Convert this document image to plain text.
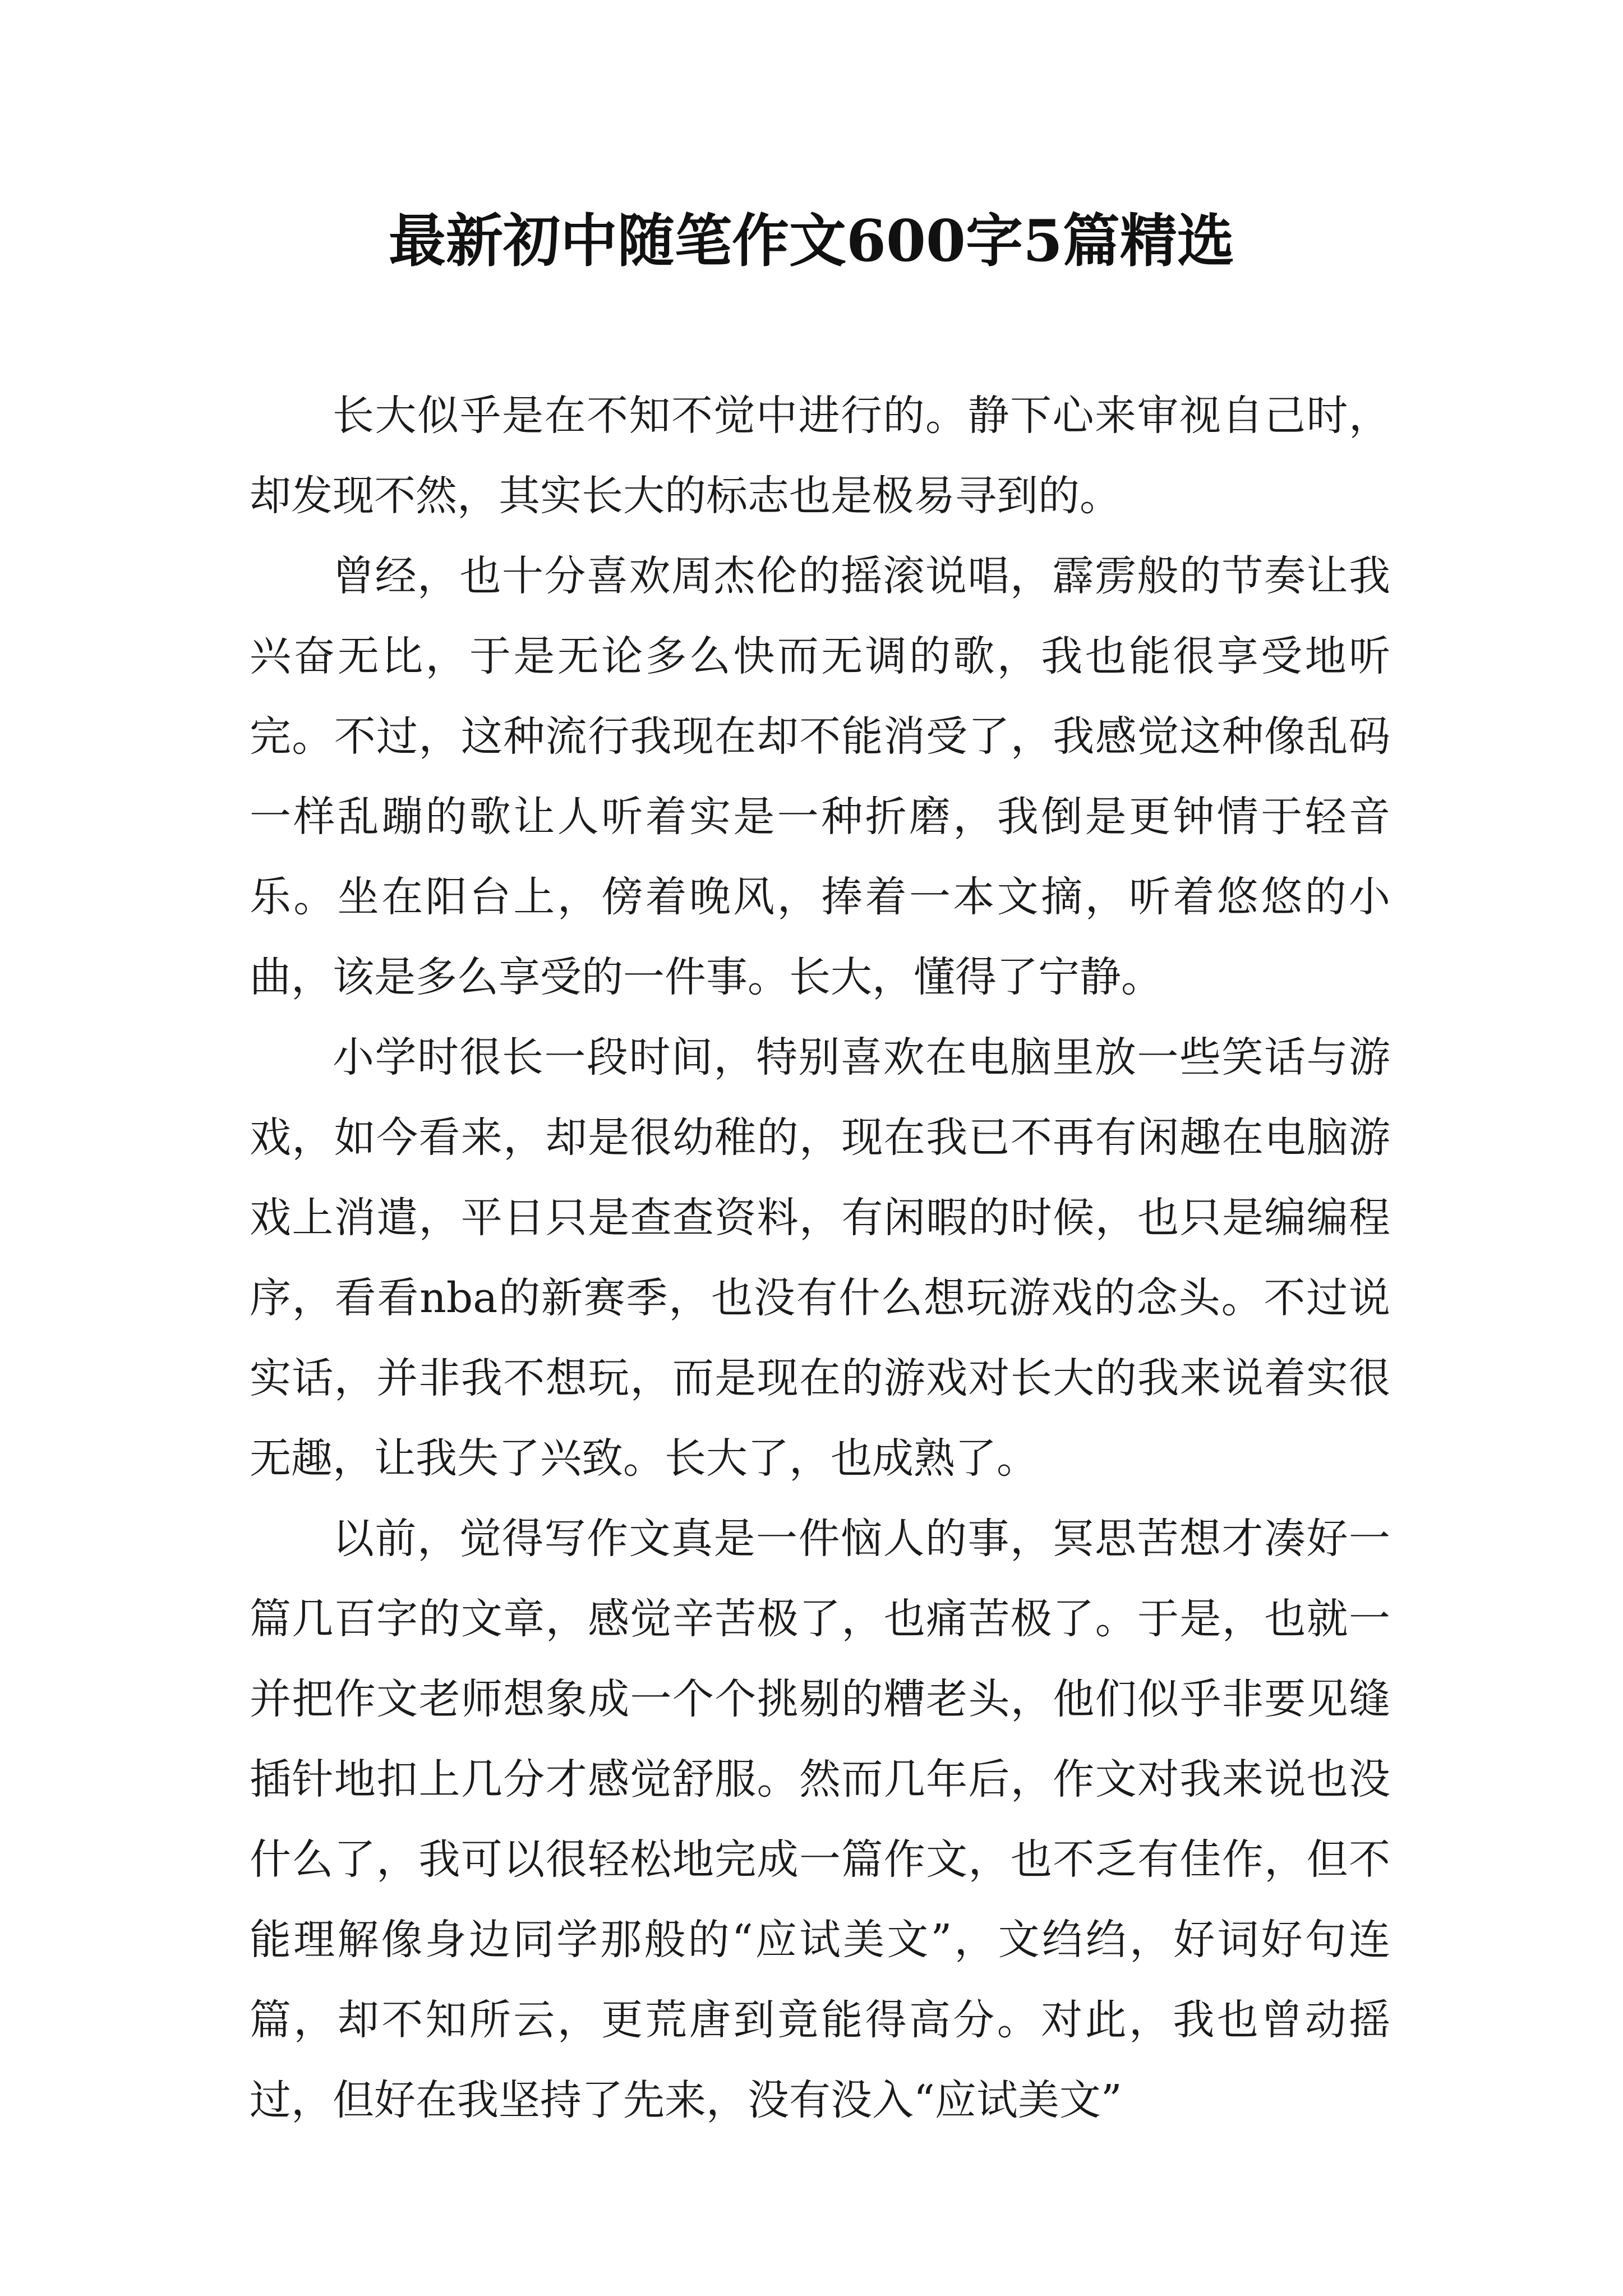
最新初中随笔作文600字5篇精选

长大似乎是在不知不觉中进行的。静下心来审视自己时，却发现不然，其实长大的标志也是极易寻到的。

曾经，也十分喜欢周杰伦的摇滚说唱，霹雳般的节奏让我兴奋无比，于是无论多么快而无调的歌，我也能很享受地听完。不过，这种流行我现在却不能消受了，我感觉这种像乱码一样乱蹦的歌让人听着实是一种折磨，我倒是更钟情于轻音乐。坐在阳台上，傍着晚风，捧着一本文摘，听着悠悠的小曲，该是多么享受的一件事。长大，懂得了宁静。

小学时很长一段时间，特别喜欢在电脑里放一些笑话与游戏，如今看来，却是很幼稚的，现在我已不再有闲趣在电脑游戏上消遣，平日只是查查资料，有闲暇的时候，也只是编编程序，看看nba的新赛季，也没有什么想玩游戏的念头。不过说实话，并非我不想玩，而是现在的游戏对长大的我来说着实很无趣，让我失了兴致。长大了，也成熟了。

以前，觉得写作文真是一件恼人的事，冥思苦想才凑好一篇几百字的文章，感觉辛苦极了，也痛苦极了。于是，也就一并把作文老师想象成一个个挑剔的糟老头，他们似乎非要见缝插针地扣上几分才感觉舒服。然而几年后，作文对我来说也没什么了，我可以很轻松地完成一篇作文，也不乏有佳作，但不能理解像身边同学那般的“应试美文”，文绉绉，好词好句连篇，却不知所云，更荒唐到竟能得高分。对此，我也曾动摇过，但好在我坚持了先来，没有没入“应试美文”
